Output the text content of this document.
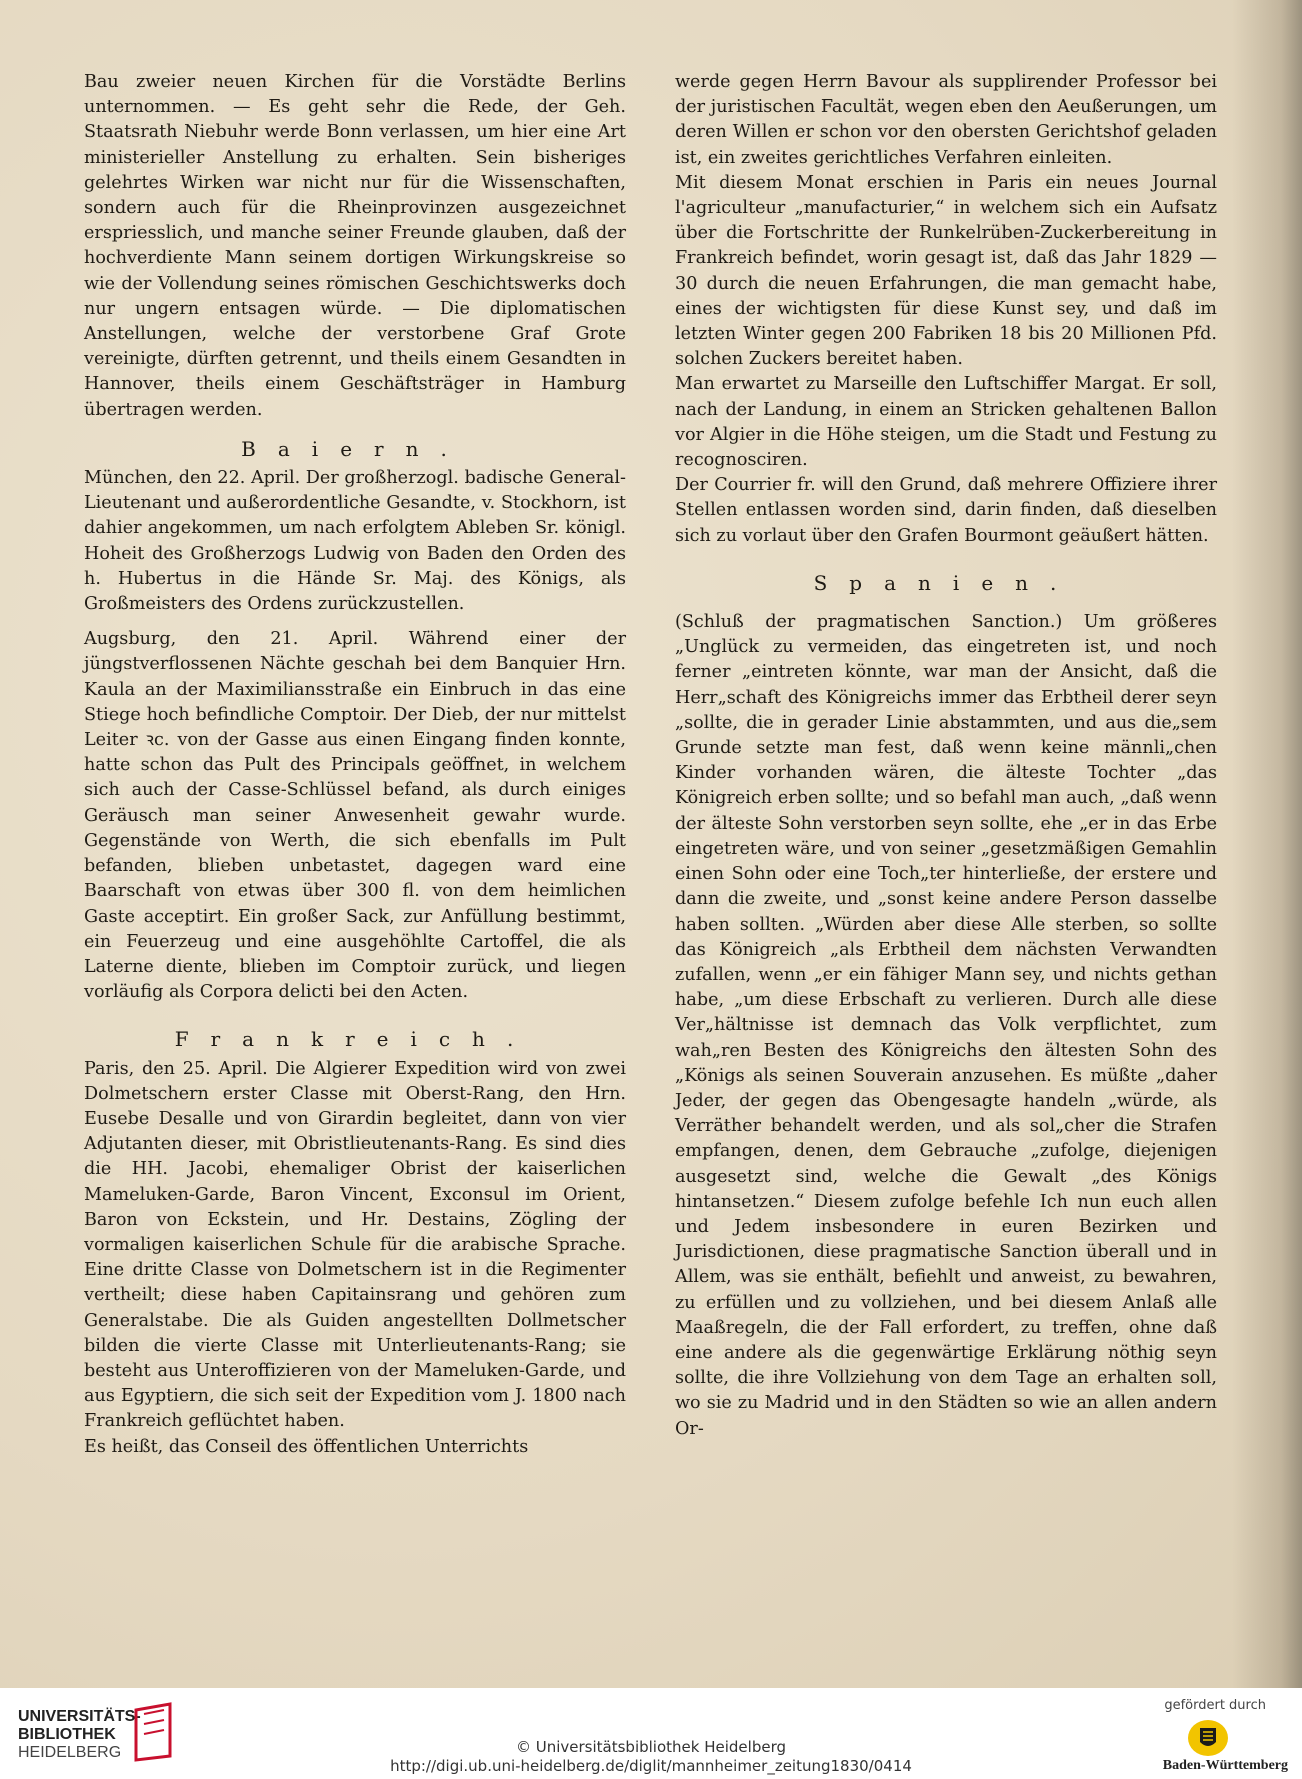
Bau zweier neuen Kirchen für die Vorstädte Berlins unternommen. — Es geht sehr die Rede, der Geh. Staatsrath Niebuhr werde Bonn verlassen, um hier eine Art ministerieller Anstellung zu erhalten. Sein bisheriges gelehrtes Wirken war nicht nur für die Wissenschaften, sondern auch für die Rheinprovinzen ausgezeichnet erspriesslich, und manche seiner Freunde glauben, daß der hochverdiente Mann seinem dortigen Wirkungskreise so wie der Vollendung seines römischen Geschichtswerks doch nur ungern entsagen würde. — Die diplomatischen Anstellungen, welche der verstorbene Graf Grote vereinigte, dürften getrennt, und theils einem Gesandten in Hannover, theils einem Geschäftsträger in Hamburg übertragen werden.

Baiern.

München, den 22. April. Der großherzogl. badische General-Lieutenant und außerordentliche Gesandte, v. Stockhorn, ist dahier angekommen, um nach erfolgtem Ableben Sr. königl. Hoheit des Großherzogs Ludwig von Baden den Orden des h. Hubertus in die Hände Sr. Maj. des Königs, als Großmeisters des Ordens zurückzustellen.

Augsburg, den 21. April. Während einer der jüngstverflossenen Nächte geschah bei dem Banquier Hrn. Kaula an der Maximiliansstraße ein Einbruch in das eine Stiege hoch befindliche Comptoir. Der Dieb, der nur mittelst Leiter ꝛc. von der Gasse aus einen Eingang finden konnte, hatte schon das Pult des Principals geöffnet, in welchem sich auch der Cassе-Schlüssel befand, als durch einiges Geräusch man seiner Anwesenheit gewahr wurde. Gegenstände von Werth, die sich ebenfalls im Pult befanden, blieben unbetastet, dagegen ward eine Baarschaft von etwas über 300 fl. von dem heimlichen Gaste acceptirt. Ein großer Sack, zur Anfüllung bestimmt, ein Feuerzeug und eine ausgehöhlte Cartoffel, die als Laterne diente, blieben im Comptoir zurück, und liegen vorläufig als Corpora delicti bei den Acten.

Frankreich.

Paris, den 25. April. Die Algierer Expedition wird von zwei Dolmetschern erster Classe mit Oberst-Rang, den Hrn. Eusebe Desalle und von Girardin begleitet, dann von vier Adjutanten dieser, mit Obristlieutenants-Rang. Es sind dies die HH. Jacobi, ehemaliger Obrist der kaiserlichen Mameluken-Garde, Baron Vincent, Exconsul im Orient, Baron von Eckstein, und Hr. Destains, Zögling der vormaligen kaiserlichen Schule für die arabische Sprache. Eine dritte Classe von Dolmetschern ist in die Regimenter vertheilt; diese haben Capitainsrang und gehören zum Generalstabe. Die als Guiden angestellten Dollmetscher bilden die vierte Classe mit Unterlieutenants-Rang; sie besteht aus Unteroffizieren von der Mameluken-Garde, und aus Egyptiern, die sich seit der Expedition vom J. 1800 nach Frankreich geflüchtet haben.

Es heißt, das Conseil des öffentlichen Unterrichts

werde gegen Herrn Bavour als supplirender Professor bei der juristischen Facultät, wegen eben den Aeußerungen, um deren Willen er schon vor den obersten Gerichtshof geladen ist, ein zweites gerichtliches Verfahren einleiten.

Mit diesem Monat erschien in Paris ein neues Journal l'agriculteur „manufacturier,“ in welchem sich ein Aufsatz über die Fortschritte der Runkelrüben-Zuckerbereitung in Frankreich befindet, worin gesagt ist, daß das Jahr 1829 — 30 durch die neuen Erfahrungen, die man gemacht habe, eines der wichtigsten für diese Kunst sey, und daß im letzten Winter gegen 200 Fabriken 18 bis 20 Millionen Pfd. solchen Zuckers bereitet haben.

Man erwartet zu Marseille den Luftschiffer Margat. Er soll, nach der Landung, in einem an Stricken gehaltenen Ballon vor Algier in die Höhe steigen, um die Stadt und Festung zu recognosciren.

Der Courrier fr. will den Grund, daß mehrere Offiziere ihrer Stellen entlassen worden sind, darin finden, daß dieselben sich zu vorlaut über den Grafen Bourmont geäußert hätten.

Spanien.

(Schluß der pragmatischen Sanction.) Um größeres „Unglück zu vermeiden, das eingetreten ist, und noch ferner „eintreten könnte, war man der Ansicht, daß die Herr„schaft des Königreichs immer das Erbtheil derer seyn „sollte, die in gerader Linie abstammten, und aus die„sem Grunde setzte man fest, daß wenn keine männli„chen Kinder vorhanden wären, die älteste Tochter „das Königreich erben sollte; und so befahl man auch, „daß wenn der älteste Sohn verstorben seyn sollte, ehe „er in das Erbe eingetreten wäre, und von seiner „gesetzmäßigen Gemahlin einen Sohn oder eine Toch„ter hinterließe, der erstere und dann die zweite, und „sonst keine andere Person dasselbe haben sollten. „Würden aber diese Alle sterben, so sollte das Königreich „als Erbtheil dem nächsten Verwandten zufallen, wenn „er ein fähiger Mann sey, und nichts gethan habe, „um diese Erbschaft zu verlieren. Durch alle diese Ver„hältnisse ist demnach das Volk verpflichtet, zum wah„ren Besten des Königreichs den ältesten Sohn des „Königs als seinen Souverain anzusehen. Es müßte „daher Jeder, der gegen das Obengesagte handeln „würde, als Verräther behandelt werden, und als sol„cher die Strafen empfangen, denen, dem Gebrauche „zufolge, diejenigen ausgesetzt sind, welche die Gewalt „des Königs hintansetzen.“ Diesem zufolge befehle Ich nun euch allen und Jedem insbesondere in euren Bezirken und Jurisdictionen, diese pragmatische Sanction überall und in Allem, was sie enthält, befiehlt und anweist, zu bewahren, zu erfüllen und zu vollziehen, und bei diesem Anlaß alle Maaßregeln, die der Fall erfordert, zu treffen, ohne daß eine andere als die gegenwärtige Erklärung nöthig seyn sollte, die ihre Vollziehung von dem Tage an erhalten soll, wo sie zu Madrid und in den Städten so wie an allen andern Or-

UNIVERSITÄTS-
BIBLIOTHEK
HEIDELBERG	© Universitätsbibliothek Heidelberg
http://digi.ub.uni-heidelberg.de/diglit/mannheimer_zeitung1830/0414
gefördert durch
Baden-Württemberg
